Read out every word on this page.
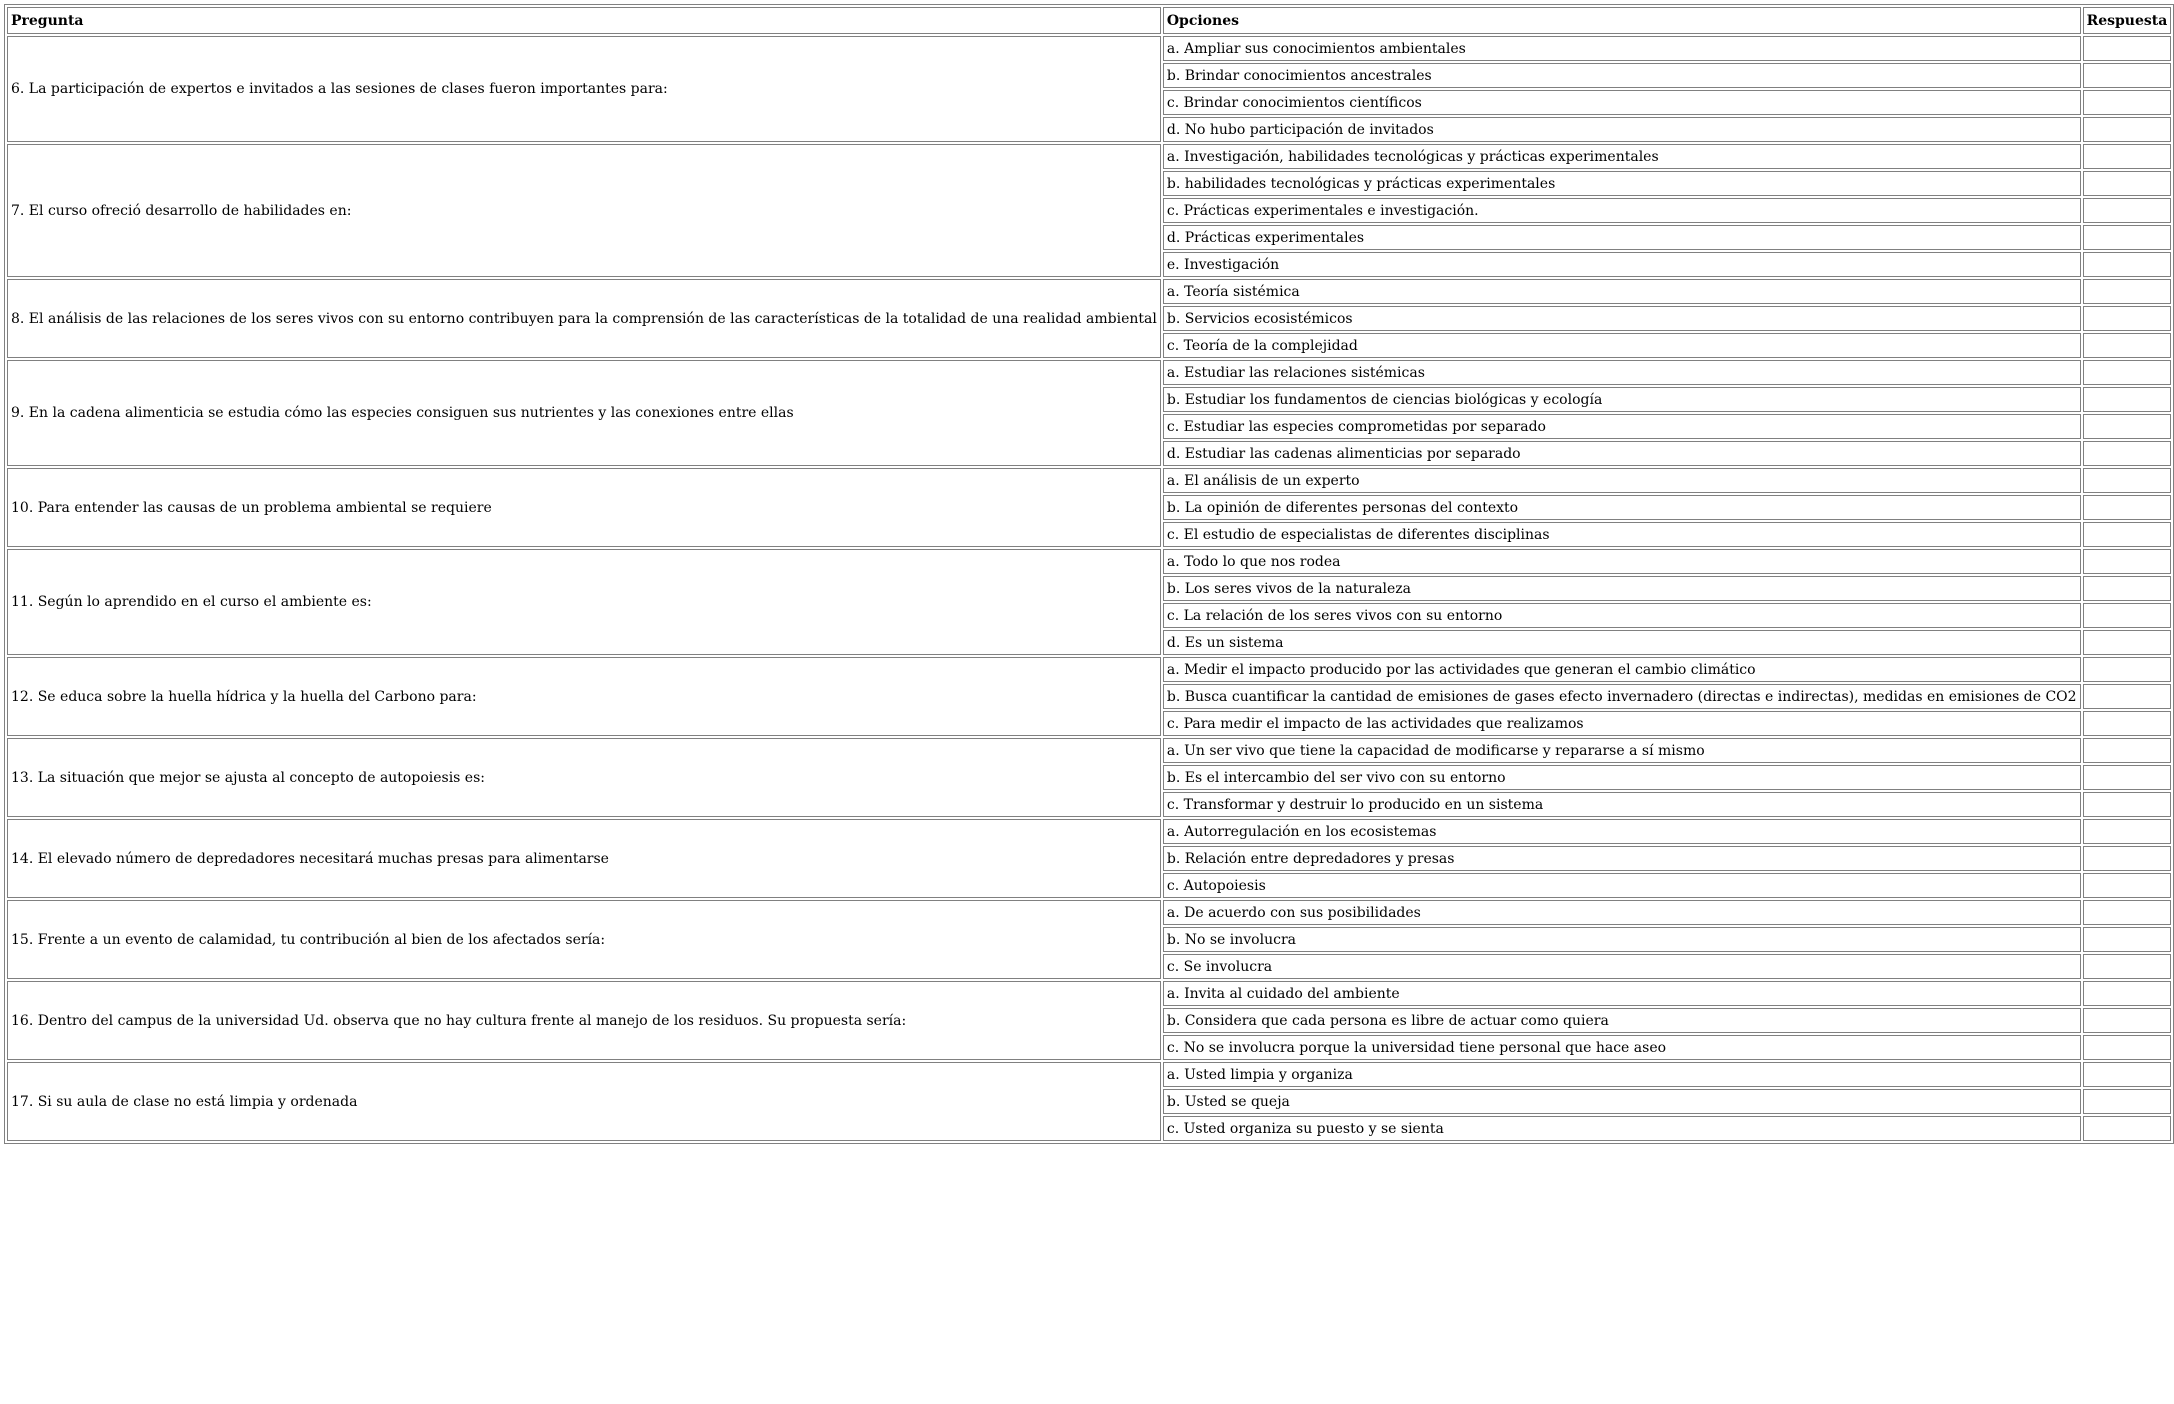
Pregunta	Opciones	Respuesta
6. La participación de expertos e invitados a las sesiones de clases fueron importantes para:	a. Ampliar sus conocimientos ambientales	
	b. Brindar conocimientos ancestrales	
	c. Brindar conocimientos científicos	
	d. No hubo participación de invitados	
7. El curso ofreció desarrollo de habilidades en:	a. Investigación, habilidades tecnológicas y prácticas experimentales	
	b. habilidades tecnológicas y prácticas experimentales	
	c. Prácticas experimentales e investigación.	
	d. Prácticas experimentales	
	e. Investigación	
8. El análisis de las relaciones de los seres vivos con su entorno contribuyen para la comprensión de las características de la totalidad de una realidad ambiental	a. Teoría sistémica	
	b. Servicios ecosistémicos	
	c. Teoría de la complejidad	
9. En la cadena alimenticia se estudia cómo las especies consiguen sus nutrientes y las conexiones entre ellas	a. Estudiar las relaciones sistémicas	
	b. Estudiar los fundamentos de ciencias biológicas y ecología	
	c. Estudiar las especies comprometidas por separado	
	d. Estudiar las cadenas alimenticias por separado	
10. Para entender las causas de un problema ambiental se requiere	a. El análisis de un experto	
	b. La opinión de diferentes personas del contexto	
	c. El estudio de especialistas de diferentes disciplinas	
11. Según lo aprendido en el curso el ambiente es:	a. Todo lo que nos rodea	
	b. Los seres vivos de la naturaleza	
	c. La relación de los seres vivos con su entorno	
	d. Es un sistema	
12. Se educa sobre la huella hídrica y la huella del Carbono para:	a. Medir el impacto producido por las actividades que generan el cambio climático	
	b. Busca cuantificar la cantidad de emisiones de gases efecto invernadero (directas e indirectas), medidas en emisiones de CO2	
	c. Para medir el impacto de las actividades que realizamos	
13. La situación que mejor se ajusta al concepto de autopoiesis es:	a. Un ser vivo que tiene la capacidad de modificarse y repararse a sí mismo	
	b. Es el intercambio del ser vivo con su entorno	
	c. Transformar y destruir lo producido en un sistema	
14. El elevado número de depredadores necesitará muchas presas para alimentarse	a. Autorregulación en los ecosistemas	
	b. Relación entre depredadores y presas	
	c. Autopoiesis	
15. Frente a un evento de calamidad, tu contribución al bien de los afectados sería:	a. De acuerdo con sus posibilidades	
	b. No se involucra	
	c. Se involucra	
16. Dentro del campus de la universidad Ud. observa que no hay cultura frente al manejo de los residuos. Su propuesta sería:	a. Invita al cuidado del ambiente	
	b. Considera que cada persona es libre de actuar como quiera	
	c. No se involucra porque la universidad tiene personal que hace aseo	
17. Si su aula de clase no está limpia y ordenada	a. Usted limpia y organiza	
	b. Usted se queja	
	c. Usted organiza su puesto y se sienta	
